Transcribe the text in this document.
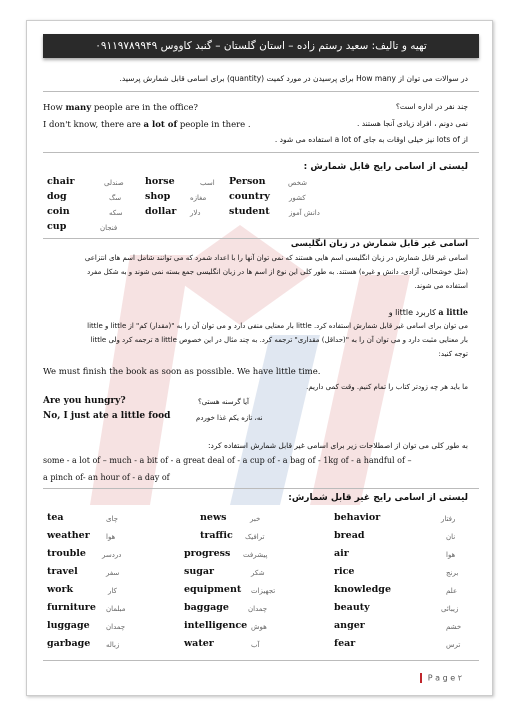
تهیه و تالیف: سعید رستم زاده – استان گلستان – گنبد کاووس ۰۹۱۱۹۷۸۹۹۴۹
در سوالات می توان از How many برای پرسیدن در مورد کمیت (quantity) برای اسامی قابل شمارش پرسید.
How many people are in the office?
I don't know, there are a lot of people in there .
چند نفر در اداره است؟
نمی دونم ، افراد زیادی آنجا هستند .
از lots of نیز خیلی اوقات به جای a lot of استفاده می شود .
لیستی از اسامی رایج قابل شمارش :
chair	صندلی horse	اسب Person	شخص
dog	سگ	shop	مغازه country	کشور
coin	سکه dollar دلار	student	دانش آموز
cup	فنجان
اسامی غیر قابل شمارش در زبان انگلیسی
اسامی غیر قابل شمارش در زبان انگلیسی اسم هایی هستند که نمی توان آنها را با اعداد شمرد که می توانند شامل اسم های انتزاعی
(مثل خوشحالی، آزادی، دانش و غیره) هستند. به طور کلی این نوع از اسم ها در زبان انگلیسی جمع بسته نمی شوند و به شکل مفرد
استفاده می شوند.
a little کاربرد little و
می توان برای اسامی غیر قابل شمارش استفاده کرد. little بار معنایی منفی دارد و می توان آن را به "(مقدار) کم" از little و little
بار معنایی مثبت دارد و می توان آن را به "(حداقل) مقداری" ترجمه کرد. به چند مثال در این خصوص a little ترجمه کرد ولی little
توجه کنید:
We must finish the book as soon as possible. We have little time.
ما باید هر چه زودتر کتاب را تمام کنیم. وقت کمی داریم.
Are you hungry?	آیا گرسنه هستی؟
No, I just ate a little food	نه، تازه یکم غذا خوردم
به طور کلی می توان از اصطلاحات زیر برای اسامی غیر قابل شمارش استفاده کرد:
some - a lot of – much - a bit of - a great deal of - a cup of - a bag of - 1kg of - a handful of –
a pinch of- an hour of - a day of
لیستی از اسامی رایج غیر قابل شمارش:
tea	چای	news	خبر	behavior	رفتار
weather هوا	traffic ترافیک	bread	نان
trouble دردسر	progress پیشرفت	air	هوا
travel	سفر	sugar	شکر	rice	برنج
work	کار	equipment تجهیزات	knowledge	علم
furniture مبلمان	baggage	چمدان	beauty	زیبائی
luggage چمدان	intelligence هوش	anger	خشم
garbage زباله	water	آب	fear	ترس
P a g e ۲
